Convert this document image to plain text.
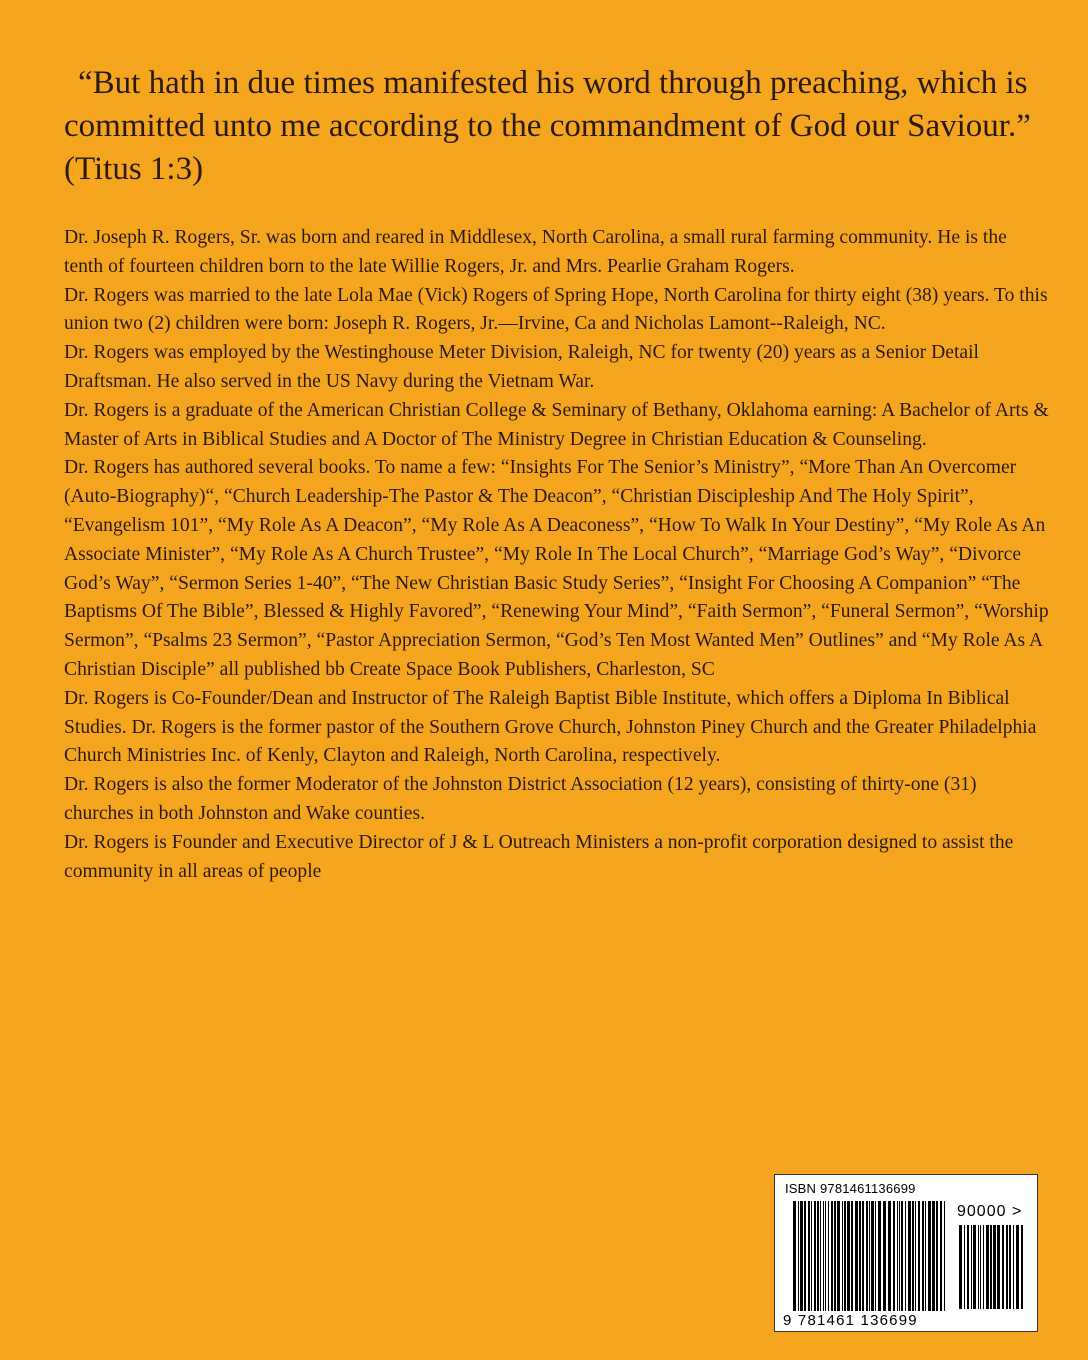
“But hath in due times manifested his word through preaching, which is committed unto me according to the commandment of God our Saviour.” (Titus 1:3)

Dr. Joseph R. Rogers, Sr. was born and reared in Middlesex, North Carolina, a small rural farming community. He is the tenth of fourteen children born to the late Willie Rogers, Jr. and Mrs. Pearlie Graham Rogers.

Dr. Rogers was married to the late Lola Mae (Vick) Rogers of Spring Hope, North Carolina for thirty eight (38) years. To this union two (2) children were born: Joseph R. Rogers, Jr.—Irvine, Ca and Nicholas Lamont--Raleigh, NC.

Dr. Rogers was employed by the Westinghouse Meter Division, Raleigh, NC for twenty (20) years as a Senior Detail Draftsman. He also served in the US Navy during the Vietnam War.

Dr. Rogers is a graduate of the American Christian College & Seminary of Bethany, Oklahoma earning: A Bachelor of Arts & Master of Arts in Biblical Studies and A Doctor of The Ministry Degree in Christian Education & Counseling.

Dr. Rogers has authored several books. To name a few: “Insights For The Senior’s Ministry”, “More Than An Overcomer (Auto-Biography)“, “Church Leadership-The Pastor & The Deacon”, “Christian Discipleship And The Holy Spirit”, “Evangelism 101”, “My Role As A Deacon”, “My Role As A Deaconess”, “How To Walk In Your Destiny”, “My Role As An Associate Minister”, “My Role As A Church Trustee”, “My Role In The Local Church”, “Marriage God’s Way”, “Divorce God’s Way”, “Sermon Series 1-40”, “The New Christian Basic Study Series”, “Insight For Choosing A Companion” “The Baptisms Of The Bible”, Blessed & Highly Favored”, “Renewing Your Mind”, “Faith Sermon”, “Funeral Sermon”, “Worship Sermon”, “Psalms 23 Sermon”, “Pastor Appreciation Sermon, “God’s Ten Most Wanted Men” Outlines” and “My Role As A Christian Disciple” all published bb Create Space Book Publishers, Charleston, SC

Dr. Rogers is Co-Founder/Dean and Instructor of The Raleigh Baptist Bible Institute, which offers a Diploma In Biblical Studies. Dr. Rogers is the former pastor of the Southern Grove Church, Johnston Piney Church and the Greater Philadelphia Church Ministries Inc. of Kenly, Clayton and Raleigh, North Carolina, respectively.

Dr. Rogers is also the former Moderator of the Johnston District Association (12 years), consisting of thirty-one (31) churches in both Johnston and Wake counties.

Dr. Rogers is Founder and Executive Director of J & L Outreach Ministers a non-profit corporation designed to assist the community in all areas of people

ISBN 9781461136699
90000 >
9 781461 136699
